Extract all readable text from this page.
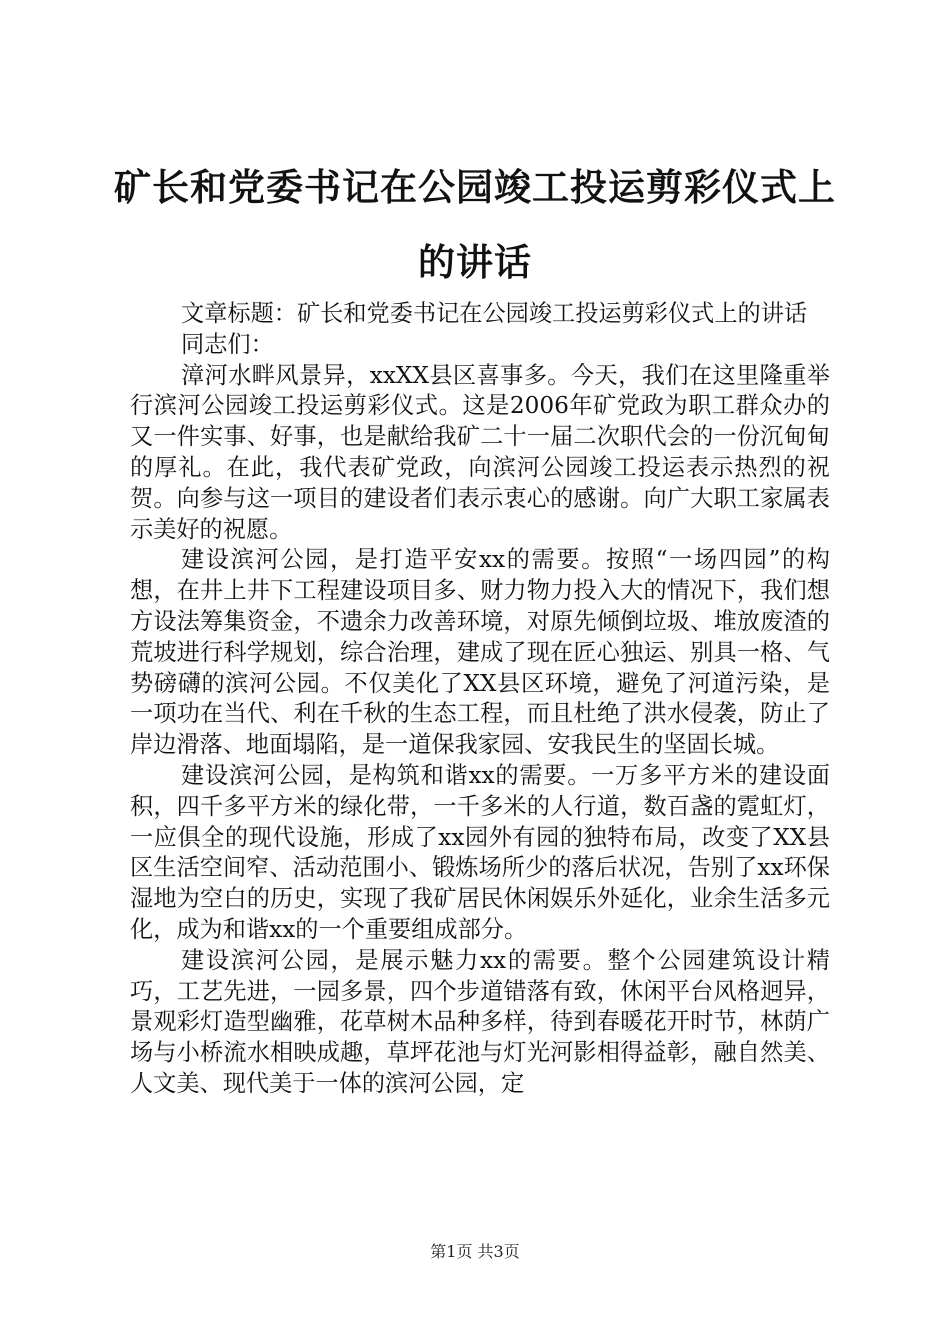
矿长和党委书记在公园竣工投运剪彩仪式上的讲话

文章标题：矿长和党委书记在公园竣工投运剪彩仪式上的讲话

同志们：

漳河水畔风景异，xxXX县区喜事多。今天，我们在这里隆重举行滨河公园竣工投运剪彩仪式。这是2006年矿党政为职工群众办的又一件实事、好事，也是献给我矿二十一届二次职代会的一份沉甸甸的厚礼。在此，我代表矿党政，向滨河公园竣工投运表示热烈的祝贺。向参与这一项目的建设者们表示衷心的感谢。向广大职工家属表示美好的祝愿。

建设滨河公园，是打造平安xx的需要。按照“一场四园”的构想，在井上井下工程建设项目多、财力物力投入大的情况下，我们想方设法筹集资金，不遗余力改善环境，对原先倾倒垃圾、堆放废渣的荒坡进行科学规划，综合治理，建成了现在匠心独运、别具一格、气势磅礴的滨河公园。不仅美化了XX县区环境，避免了河道污染，是一项功在当代、利在千秋的生态工程，而且杜绝了洪水侵袭，防止了岸边滑落、地面塌陷，是一道保我家园、安我民生的坚固长城。

建设滨河公园，是构筑和谐xx的需要。一万多平方米的建设面积，四千多平方米的绿化带，一千多米的人行道，数百盏的霓虹灯，一应俱全的现代设施，形成了xx园外有园的独特布局，改变了XX县区生活空间窄、活动范围小、锻炼场所少的落后状况，告别了xx环保湿地为空白的历史，实现了我矿居民休闲娱乐外延化，业余生活多元化，成为和谐xx的一个重要组成部分。

建设滨河公园，是展示魅力xx的需要。整个公园建筑设计精巧，工艺先进，一园多景，四个步道错落有致，休闲平台风格迥异，景观彩灯造型幽雅，花草树木品种多样，待到春暖花开时节，林荫广场与小桥流水相映成趣，草坪花池与灯光河影相得益彰，融自然美、人文美、现代美于一体的滨河公园，定

第1页 共3页
